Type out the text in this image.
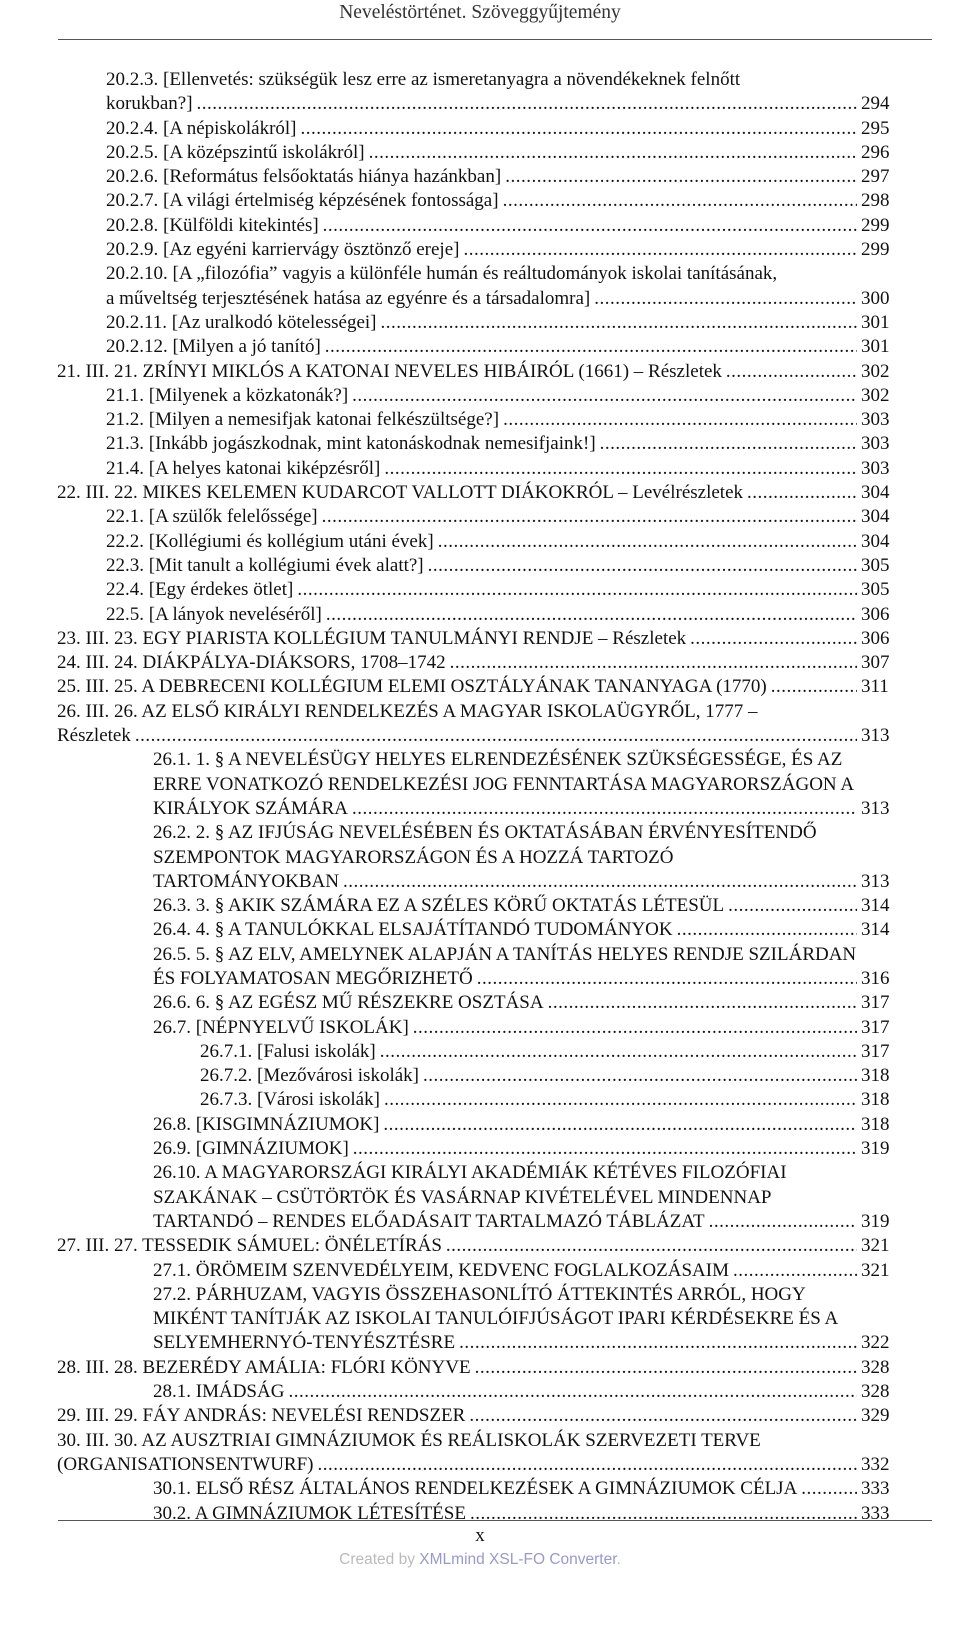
Neveléstörténet. Szöveggyűjtemény
20.2.3. [Ellenvetés: szükségük lesz erre az ismeretanyagra a növendékeknek felnőtt
korukban?] .....	294
20.2.4. [A népiskolákról] .....	295
20.2.5. [A középszintű iskolákról] .....	296
20.2.6. [Református felsőoktatás hiánya hazánkban] .....	297
20.2.7. [A világi értelmiség képzésének fontossága] .....	298
20.2.8. [Külföldi kitekintés] .....	299
20.2.9. [Az egyéni karriervágy ösztönző ereje] .....	299
20.2.10. [A „filozófia” vagyis a különféle humán és reáltudományok iskolai tanításának,
a műveltség terjesztésének hatása az egyénre és a társadalomra] .....	300
20.2.11. [Az uralkodó kötelességei] .....	301
20.2.12. [Milyen a jó tanító] .....	301
21. III. 21. ZRÍNYI MIKLÓS A KATONAI NEVELES HIBÁIRÓL (1661) – Részletek .....	302
21.1. [Milyenek a közkatonák?] .....	302
21.2. [Milyen a nemesifjak katonai felkészültsége?] .....	303
21.3. [Inkább jogászkodnak, mint katonáskodnak nemesifjaink!] .....	303
21.4. [A helyes katonai kiképzésről] .....	303
22. III. 22. MIKES KELEMEN KUDARCOT VALLOTT DIÁKOKRÓL – Levélrészletek .....	304
22.1. [A szülők felelőssége] .....	304
22.2. [Kollégiumi és kollégium utáni évek] .....	304
22.3. [Mit tanult a kollégiumi évek alatt?] .....	305
22.4. [Egy érdekes ötlet] .....	305
22.5. [A lányok neveléséről] .....	306
23. III. 23. EGY PIARISTA KOLLÉGIUM TANULMÁNYI RENDJE – Részletek .....	306
24. III. 24. DIÁKPÁLYA-DIÁKSORS, 1708–1742 .....	307
25. III. 25. A DEBRECENI KOLLÉGIUM ELEMI OSZTÁLYÁNAK TANANYAGA (1770) .....	311
26. III. 26. AZ ELSŐ KIRÁLYI RENDELKEZÉS A MAGYAR ISKOLAÜGYRŐL, 1777 –
Részletek .....	313
26.1. 1. § A NEVELÉSÜGY HELYES ELRENDEZÉSÉNEK SZÜKSÉGESSÉGE, ÉS AZ
ERRE VONATKOZÓ RENDELKEZÉSI JOG FENNTARTÁSA MAGYARORSZÁGON A
KIRÁLYOK SZÁMÁRA .....	313
26.2. 2. § AZ IFJÚSÁG NEVELÉSÉBEN ÉS OKTATÁSÁBAN ÉRVÉNYESÍTENDŐ
SZEMPONTOK MAGYARORSZÁGON ÉS A HOZZÁ TARTOZÓ
TARTOMÁNYOKBAN .....	313
26.3. 3. § AKIK SZÁMÁRA EZ A SZÉLES KÖRŰ OKTATÁS LÉTESÜL .....	314
26.4. 4. § A TANULÓKKAL ELSAJÁTÍTANDÓ TUDOMÁNYOK .....	314
26.5. 5. § AZ ELV, AMELYNEK ALAPJÁN A TANÍTÁS HELYES RENDJE SZILÁRDAN
ÉS FOLYAMATOSAN MEGŐRIZHETŐ .....	316
26.6. 6. § AZ EGÉSZ MŰ RÉSZEKRE OSZTÁSA .....	317
26.7. [NÉPNYELVŰ ISKOLÁK] .....	317
26.7.1. [Falusi iskolák] .....	317
26.7.2. [Mezővárosi iskolák] .....	318
26.7.3. [Városi iskolák] .....	318
26.8. [KISGIMNÁZIUMOK] .....	318
26.9. [GIMNÁZIUMOK] .....	319
26.10. A MAGYARORSZÁGI KIRÁLYI AKADÉMIÁK KÉTÉVES FILOZÓFIAI
SZAKÁNAK – CSÜTÖRTÖK ÉS VASÁRNAP KIVÉTELÉVEL MINDENNAP
TARTANDÓ – RENDES ELŐADÁSAIT TARTALMAZÓ TÁBLÁZAT .....	319
27. III. 27. TESSEDIK SÁMUEL: ÖNÉLETÍRÁS .....	321
27.1. ÖRÖMEIM SZENVEDÉLYEIM, KEDVENC FOGLALKOZÁSAIM .....	321
27.2. PÁRHUZAM, VAGYIS ÖSSZEHASONLÍTÓ ÁTTEKINTÉS ARRÓL, HOGY
MIKÉNT TANÍTJÁK AZ ISKOLAI TANULÓIFJÚSÁGOT IPARI KÉRDÉSEKRE ÉS A
SELYEMHERNYÓ-TENYÉSZTÉSRE .....	322
28. III. 28. BEZERÉDY AMÁLIA: FLÓRI KÖNYVE .....	328
28.1. IMÁDSÁG .....	328
29. III. 29. FÁY ANDRÁS: NEVELÉSI RENDSZER .....	329
30. III. 30. AZ AUSZTRIAI GIMNÁZIUMOK ÉS REÁLISKOLÁK SZERVEZETI TERVE
(ORGANISATIONSENTWURF) .....	332
30.1. ELSŐ RÉSZ ÁLTALÁNOS RENDELKEZÉSEK A GIMNÁZIUMOK CÉLJA .....	333
30.2. A GIMNÁZIUMOK LÉTESÍTÉSE .....	333
x
Created by XMLmind XSL-FO Converter.
